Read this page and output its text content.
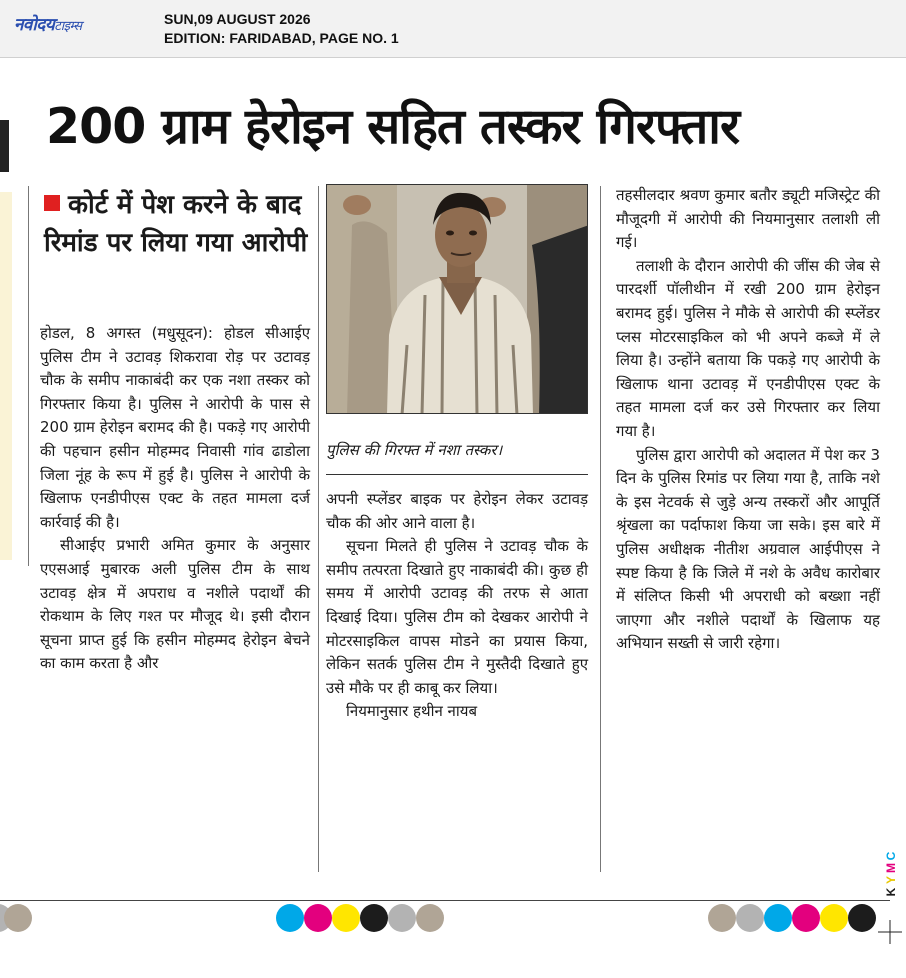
नवोदयटाइम्स	SUN,09 AUGUST 2026
EDITION: FARIDABAD, PAGE NO. 1
200 ग्राम हेरोइन सहित तस्कर गिरफ्तार
कोर्ट में पेश करने के बाद रिमांड पर लिया गया आरोपी

होडल, 8 अगस्त (मधुसूदन): होडल सीआईए पुलिस टीम ने उटावड़ शिकरावा रोड़ पर उटावड़ चौक के समीप नाकाबंदी कर एक नशा तस्कर को गिरफ्तार किया है। पुलिस ने आरोपी के पास से 200 ग्राम हेरोइन बरामद की है। पकड़े गए आरोपी की पहचान हसीन मोहम्मद निवासी गांव ढाडोला जिला नूंह के रूप में हुई है। पुलिस ने आरोपी के खिलाफ एनडीपीएस एक्ट के तहत मामला दर्ज कार्रवाई की है।

सीआईए प्रभारी अमित कुमार के अनुसार एएसआई मुबारक अली पुलिस टीम के साथ उटावड़ क्षेत्र में अपराध व नशीले पदार्थों की रोकथाम के लिए गश्त पर मौजूद थे। इसी दौरान सूचना प्राप्त हुई कि हसीन मोहम्मद हेरोइन बेचने का काम करता है और

पुलिस की गिरफ्त में नशा तस्कर।

अपनी स्प्लेंडर बाइक पर हेरोइन लेकर उटावड़ चौक की ओर आने वाला है।

सूचना मिलते ही पुलिस ने उटावड़ चौक के समीप तत्परता दिखाते हुए नाकाबंदी की। कुछ ही समय में आरोपी उटावड़ की तरफ से आता दिखाई दिया। पुलिस टीम को देखकर आरोपी ने मोटरसाइकिल वापस मोडने का प्रयास किया, लेकिन सतर्क पुलिस टीम ने मुस्तैदी दिखाते हुए उसे मौके पर ही काबू कर लिया।

नियमानुसार हथीन नायब

तहसीलदार श्रवण कुमार बतौर ड्यूटी मजिस्ट्रेट की मौजूदगी में आरोपी की नियमानुसार तलाशी ली गई।

तलाशी के दौरान आरोपी की जींस की जेब से पारदर्शी पॉलीथीन में रखी 200 ग्राम हेरोइन बरामद हुई। पुलिस ने मौके से आरोपी की स्प्लेंडर प्लस मोटरसाइकिल को भी अपने कब्जे में ले लिया है। उन्होंने बताया कि पकड़े गए आरोपी के खिलाफ थाना उटावड़ में एनडीपीएस एक्ट के तहत मामला दर्ज कर उसे गिरफ्तार कर लिया गया है।

पुलिस द्वारा आरोपी को अदालत में पेश कर 3 दिन के पुलिस रिमांड पर लिया गया है, ताकि नशे के इस नेटवर्क से जुड़े अन्य तस्करों और आपूर्ति श्रृंखला का पर्दाफाश किया जा सके। इस बारे में पुलिस अधीक्षक नीतीश अग्रवाल आईपीएस ने स्पष्ट किया है कि जिले में नशे के अवैध कारोबार में संलिप्त किसी भी अपराधी को बख्शा नहीं जाएगा और नशीले पदार्थों के खिलाफ यह अभियान सख्ती से जारी रहेगा।

C
M
Y
K
